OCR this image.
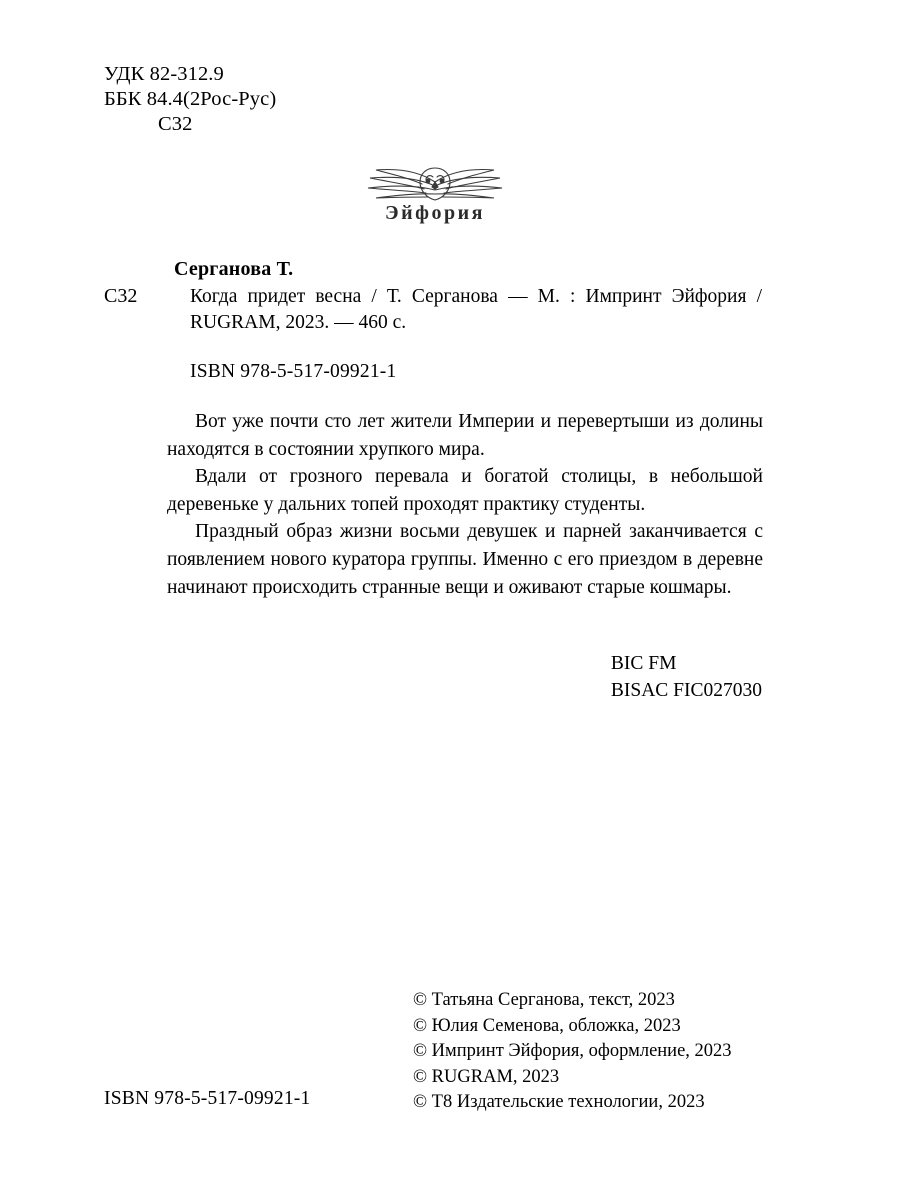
УДК 82-312.9
ББК 84.4(2Рос-Рус)
С32
Эйфория
Серганова Т.
С32	Когда придет весна / Т. Серганова — М. : Импринт Эйфория / RUGRAM, 2023. — 460 с.
ISBN 978-5-517-09921-1

Вот уже почти сто лет жители Империи и перевертыши из долины находятся в состоянии хрупкого мира.

Вдали от грозного перевала и богатой столицы, в небольшой деревеньке у дальних топей проходят практику студенты.

Праздный образ жизни восьми девушек и парней заканчивается с появлением нового куратора группы. Именно с его приездом в деревне начинают происходить странные вещи и оживают старые кошмары.

BIC FM
BISAC FIC027030
© Татьяна Серганова, текст, 2023
© Юлия Семенова, обложка, 2023
© Импринт Эйфория, оформление, 2023
© RUGRAM, 2023
© Т8 Издательские технологии, 2023
ISBN 978-5-517-09921-1
